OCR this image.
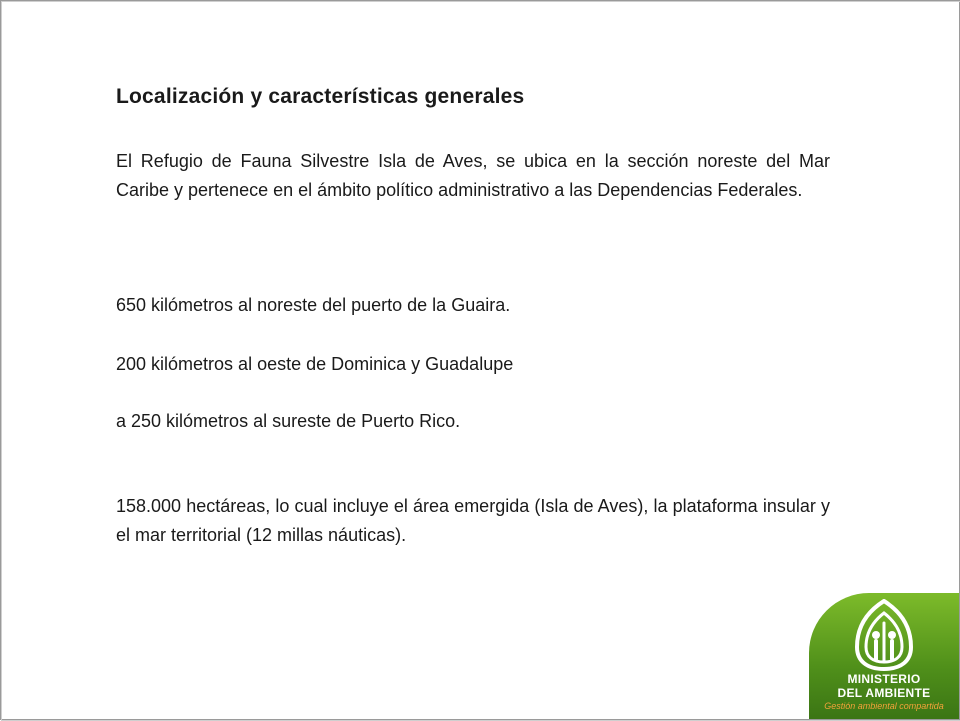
Localización y características generales

El Refugio de Fauna Silvestre Isla de Aves, se ubica en la sección noreste del Mar Caribe y pertenece en el ámbito político administrativo a las Dependencias Federales.

650 kilómetros al noreste del puerto de la Guaira.

200 kilómetros al oeste de Dominica y Guadalupe

a 250 kilómetros al sureste de Puerto Rico.

158.000 hectáreas, lo cual incluye el área emergida (Isla de Aves), la plataforma insular y el mar territorial (12 millas náuticas).

MINISTERIO
DEL AMBIENTE
Gestión ambiental compartida
